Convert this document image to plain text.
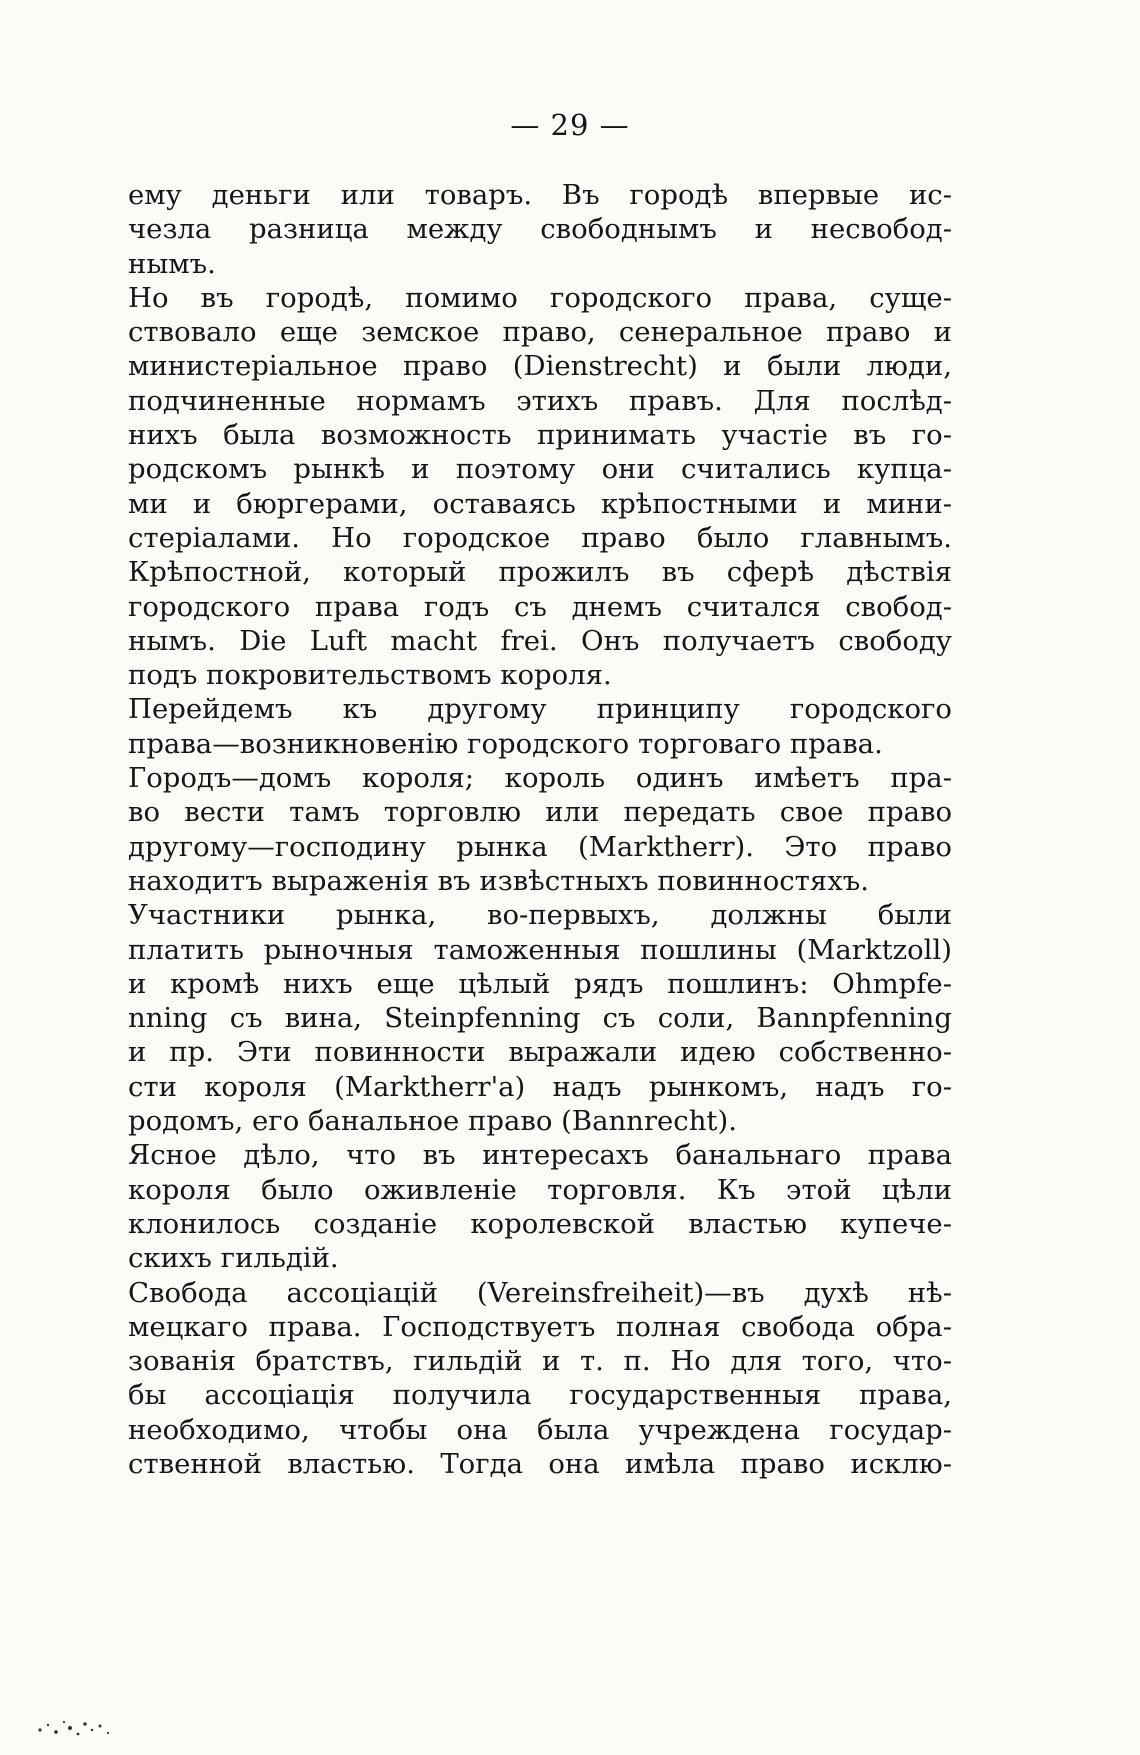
— 29 —
ему деньги или товаръ. Въ городѣ впервые ис-
чезла разница между свободнымъ и несвобод-
нымъ.
Но въ городѣ, помимо городского права, суще-
ствовало еще земское право, сенеральное право и
министеріальное право (Dienstrecht) и были люди,
подчиненные нормамъ этихъ правъ. Для послѣд-
нихъ была возможность принимать участіе въ го-
родскомъ рынкѣ и поэтому они считались купца-
ми и бюргерами, оставаясь крѣпостными и мини-
стеріалами. Но городское право было главнымъ.
Крѣпостной, который прожилъ въ сферѣ дѣствія
городского права годъ съ днемъ считался свобод-
нымъ. Die Luft macht frei. Онъ получаетъ свободу
подъ покровительствомъ короля.
Перейдемъ къ другому принципу городского
права—возникновенію городского торговаго права.
Городъ—домъ короля; король одинъ имѣетъ пра-
во вести тамъ торговлю или передать свое право
другому—господину рынка (Marktherr). Это право
находитъ выраженія въ извѣстныхъ повинностяхъ.
Участники рынка, во-первыхъ, должны были
платить рыночныя таможенныя пошлины (Marktzoll)
и кромѣ нихъ еще цѣлый рядъ пошлинъ: Ohmpfe-
nning съ вина, Steinpfenning съ соли, Bannpfenning
и пр. Эти повинности выражали идею собственно-
сти короля (Marktherr'a) надъ рынкомъ, надъ го-
родомъ, его банальное право (Bannrecht).
Ясное дѣло, что въ интересахъ банальнаго права
короля было оживленіе торговля. Къ этой цѣли
клонилось созданіе королевской властью купече-
скихъ гильдій.
Свобода ассоціацій (Vereinsfreiheit)—въ духѣ нѣ-
мецкаго права. Господствуетъ полная свобода обра-
зованія братствъ, гильдій и т. п. Но для того, что-
бы ассоціація получила государственныя права,
необходимо, чтобы она была учреждена государ-
ственной властью. Тогда она имѣла право исклю-
